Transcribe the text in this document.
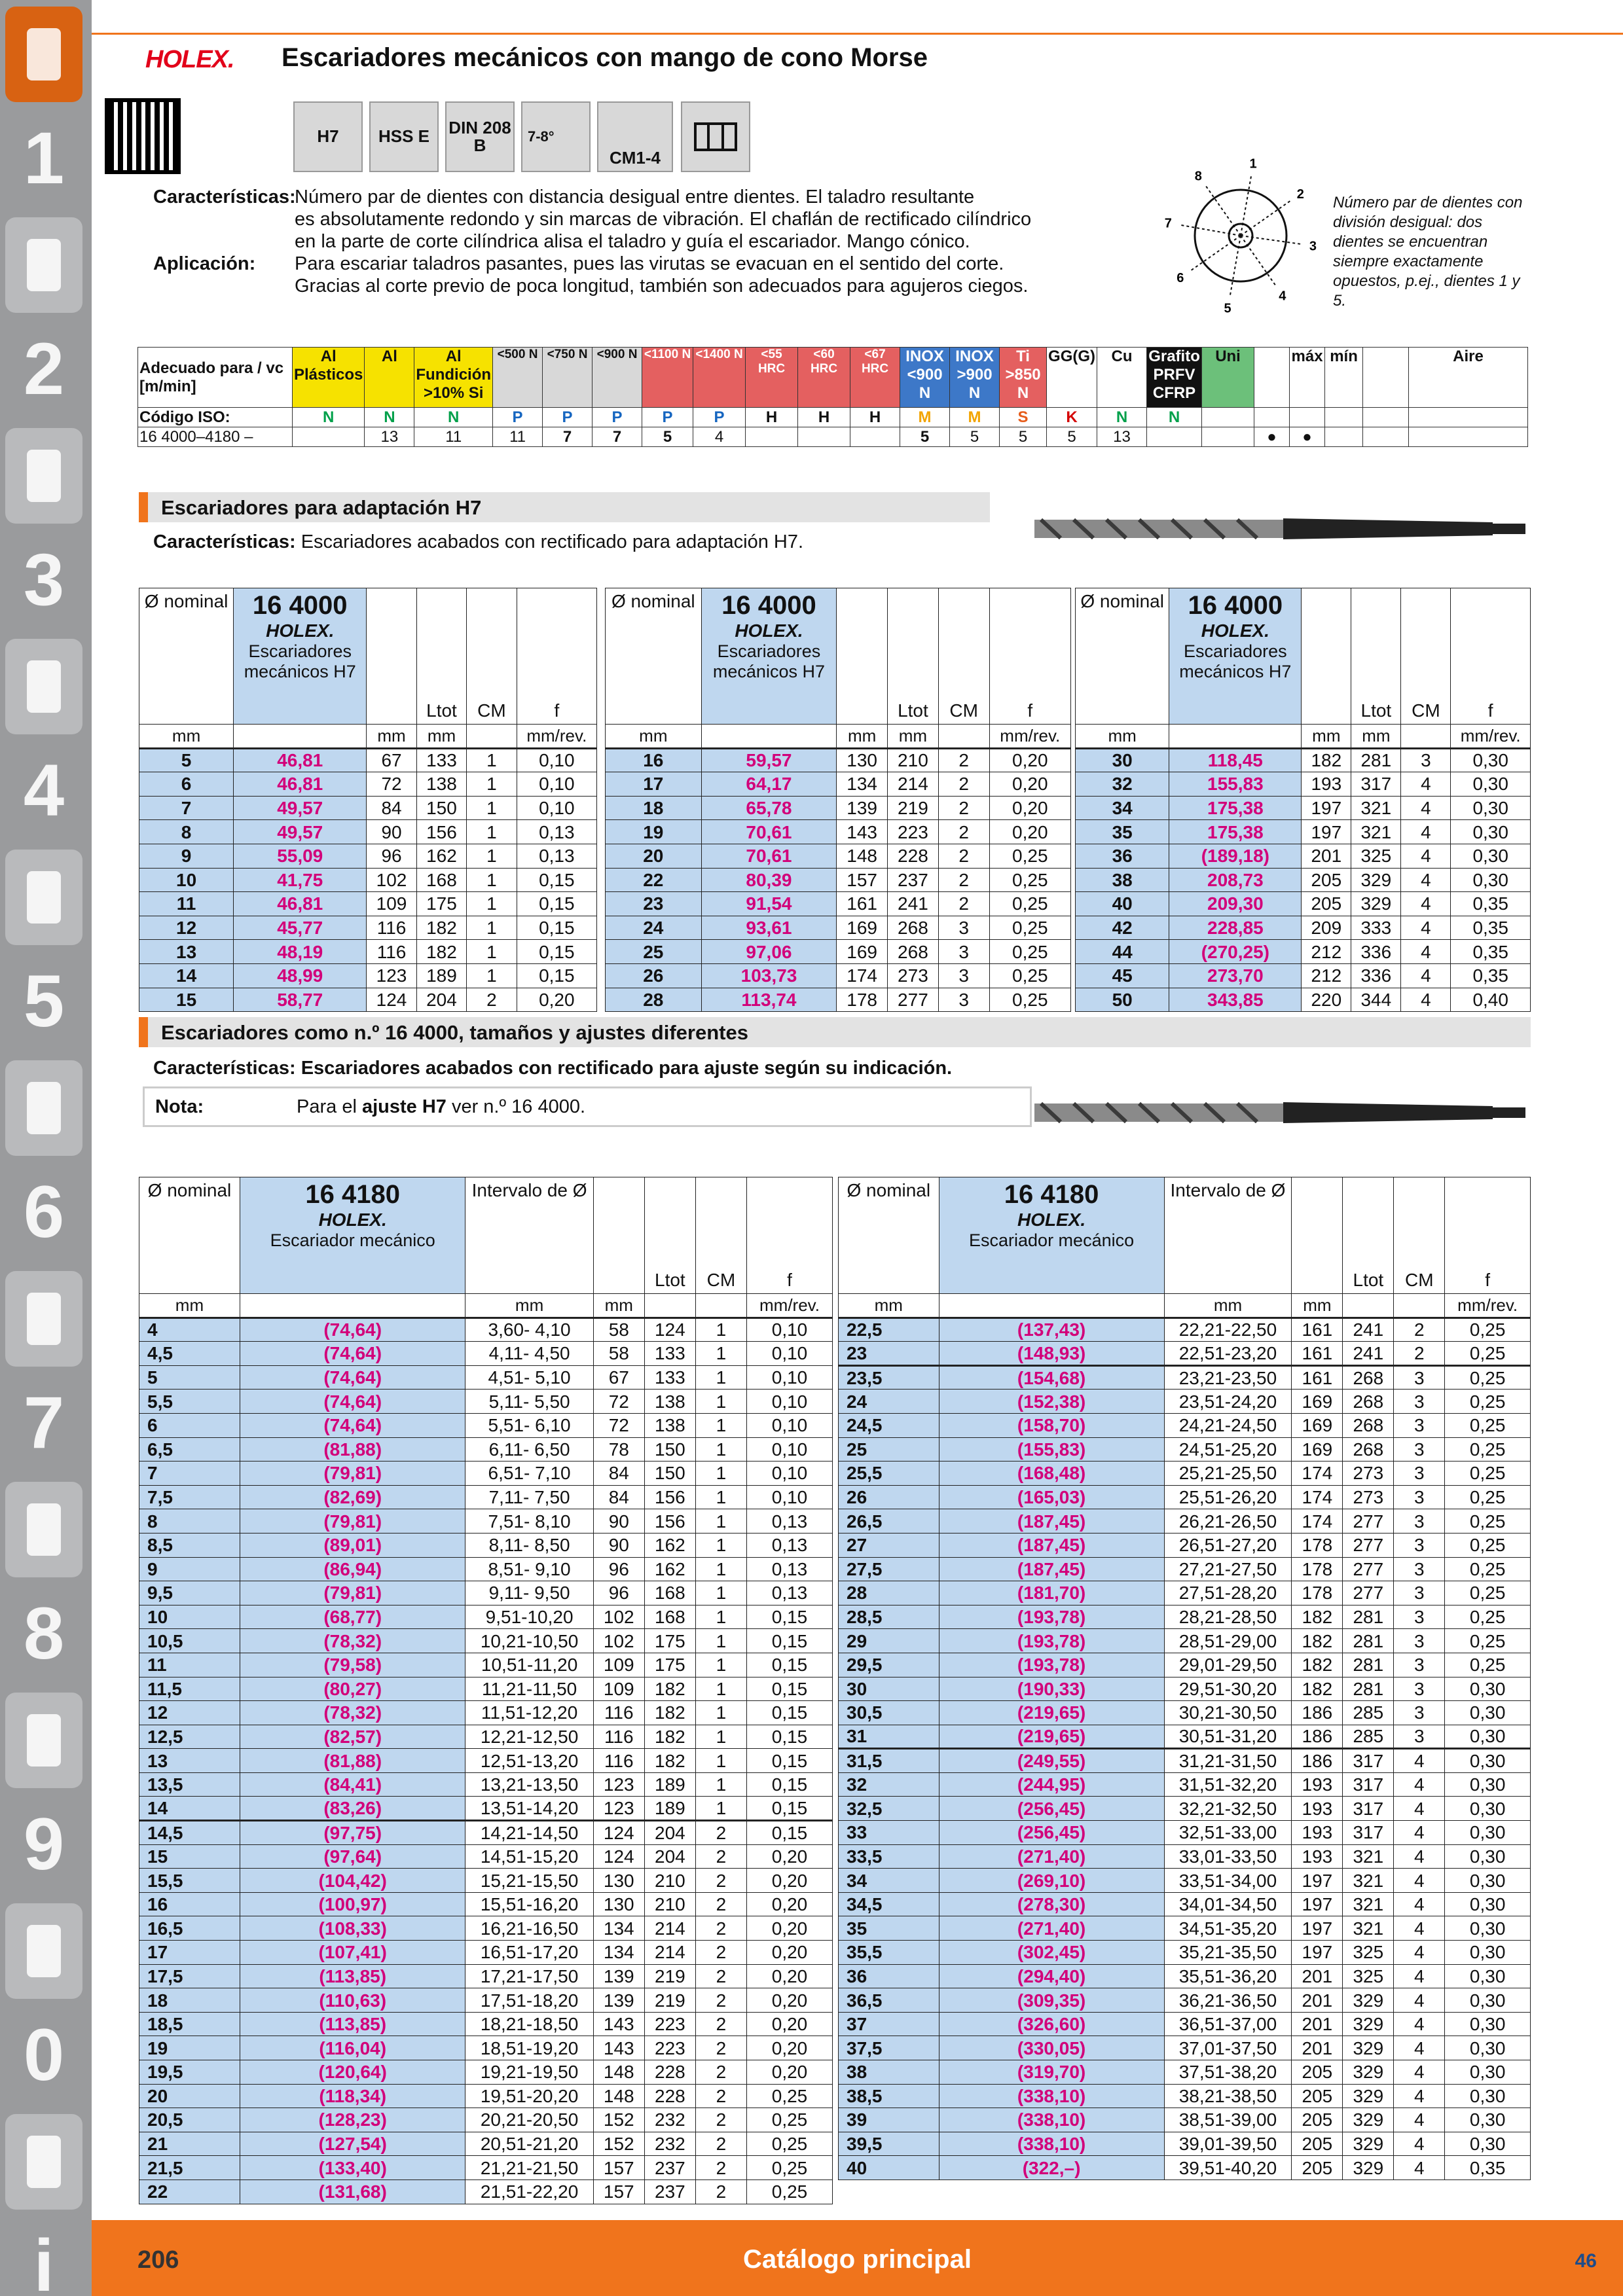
1
2
3
4
5
6
7
8
9
0
i
HOLEX. Escariadores mecánicos con mango de cono Morse
H7	HSS E	DIN 208 B	7-8°
CM1-4
Características:
Número par de dientes con distancia desigual entre dientes. El taladro resultante
es absolutamente redondo y sin marcas de vibración. El chaflán de rectificado cilíndrico
en la parte de corte cilíndrica alisa el taladro y guía el escariador. Mango cónico.
Aplicación: Para escariar taladros pasantes, pues las virutas se evacuan en el sentido del corte.
Gracias al corte previo de poca longitud, también son adecuados para agujeros ciegos.
1
2
3
4
5
6
7
8
Número par de dientes con división desigual: dos dientes se encuentran siempre exactamente opuestos, p.ej., dientes 1 y 5.
Adecuado para / vc [m/min]	Al Plásticos	Al	Al Fundición >10% Si	<500 N	<750 N	<900 N	<1100 N	<1400 N	<55 HRC	<60 HRC	<67 HRC	INOX <900 N	INOX >900 N	Ti >850 N	GG(G)	Cu	Grafito PRFV CFRP	Uni		máx	mín		Aire
Código ISO:	N	N	N	P	P	P	P	P	H	H	H	M	M	S	K	N	N						
16 4000–4180 –		13	11	11	7	7	5	4				5	5	5	5	13			●	●			
Escariadores para adaptación H7
Características: Escariadores acabados con rectificado para adaptación H7.
Ø nominal	16 4000
HOLEX.
Escariadores mecánicos H7		Ltot	CM	f
mm		mm	mm		mm/rev.
5	46,81	67	133	1	0,10
6	46,81	72	138	1	0,10
7	49,57	84	150	1	0,10
8	49,57	90	156	1	0,13
9	55,09	96	162	1	0,13
10	41,75	102	168	1	0,15
11	46,81	109	175	1	0,15
12	45,77	116	182	1	0,15
13	48,19	116	182	1	0,15
14	48,99	123	189	1	0,15
15	58,77	124	204	2	0,20
Ø nominal	16 4000
HOLEX.
Escariadores mecánicos H7		Ltot	CM	f
mm		mm	mm		mm/rev.
16	59,57	130	210	2	0,20
17	64,17	134	214	2	0,20
18	65,78	139	219	2	0,20
19	70,61	143	223	2	0,20
20	70,61	148	228	2	0,25
22	80,39	157	237	2	0,25
23	91,54	161	241	2	0,25
24	93,61	169	268	3	0,25
25	97,06	169	268	3	0,25
26	103,73	174	273	3	0,25
28	113,74	178	277	3	0,25
Ø nominal	16 4000
HOLEX.
Escariadores mecánicos H7		Ltot	CM	f
mm		mm	mm		mm/rev.
30	118,45	182	281	3	0,30
32	155,83	193	317	4	0,30
34	175,38	197	321	4	0,30
35	175,38	197	321	4	0,30
36	(189,18)	201	325	4	0,30
38	208,73	205	329	4	0,30
40	209,30	205	329	4	0,35
42	228,85	209	333	4	0,35
44	(270,25)	212	336	4	0,35
45	273,70	212	336	4	0,35
50	343,85	220	344	4	0,40
Escariadores como n.º 16 4000, tamaños y ajustes diferentes
Características: Escariadores acabados con rectificado para ajuste según su indicación.
Nota:	Para el ajuste H7 ver n.º 16 4000.
Ø nominal	16 4180
HOLEX.
Escariador mecánico	Intervalo de Ø		Ltot	CM	f
mm		mm	mm			mm/rev.
4	(74,64)	3,60- 4,10	58	124	1	0,10
4,5	(74,64)	4,11- 4,50	58	133	1	0,10
5	(74,64)	4,51- 5,10	67	133	1	0,10
5,5	(74,64)	5,11- 5,50	72	138	1	0,10
6	(74,64)	5,51- 6,10	72	138	1	0,10
6,5	(81,88)	6,11- 6,50	78	150	1	0,10
7	(79,81)	6,51- 7,10	84	150	1	0,10
7,5	(82,69)	7,11- 7,50	84	156	1	0,10
8	(79,81)	7,51- 8,10	90	156	1	0,13
8,5	(89,01)	8,11- 8,50	90	162	1	0,13
9	(86,94)	8,51- 9,10	96	162	1	0,13
9,5	(79,81)	9,11- 9,50	96	168	1	0,13
10	(68,77)	9,51-10,20	102	168	1	0,15
10,5	(78,32)	10,21-10,50	102	175	1	0,15
11	(79,58)	10,51-11,20	109	175	1	0,15
11,5	(80,27)	11,21-11,50	109	182	1	0,15
12	(78,32)	11,51-12,20	116	182	1	0,15
12,5	(82,57)	12,21-12,50	116	182	1	0,15
13	(81,88)	12,51-13,20	116	182	1	0,15
13,5	(84,41)	13,21-13,50	123	189	1	0,15
14	(83,26)	13,51-14,20	123	189	1	0,15
14,5	(97,75)	14,21-14,50	124	204	2	0,15
15	(97,64)	14,51-15,20	124	204	2	0,20
15,5	(104,42)	15,21-15,50	130	210	2	0,20
16	(100,97)	15,51-16,20	130	210	2	0,20
16,5	(108,33)	16,21-16,50	134	214	2	0,20
17	(107,41)	16,51-17,20	134	214	2	0,20
17,5	(113,85)	17,21-17,50	139	219	2	0,20
18	(110,63)	17,51-18,20	139	219	2	0,20
18,5	(113,85)	18,21-18,50	143	223	2	0,20
19	(116,04)	18,51-19,20	143	223	2	0,20
19,5	(120,64)	19,21-19,50	148	228	2	0,20
20	(118,34)	19,51-20,20	148	228	2	0,25
20,5	(128,23)	20,21-20,50	152	232	2	0,25
21	(127,54)	20,51-21,20	152	232	2	0,25
21,5	(133,40)	21,21-21,50	157	237	2	0,25
22	(131,68)	21,51-22,20	157	237	2	0,25
Ø nominal	16 4180
HOLEX.
Escariador mecánico	Intervalo de Ø		Ltot	CM	f
mm		mm	mm			mm/rev.
22,5	(137,43)	22,21-22,50	161	241	2	0,25
23	(148,93)	22,51-23,20	161	241	2	0,25
23,5	(154,68)	23,21-23,50	161	268	3	0,25
24	(152,38)	23,51-24,20	169	268	3	0,25
24,5	(158,70)	24,21-24,50	169	268	3	0,25
25	(155,83)	24,51-25,20	169	268	3	0,25
25,5	(168,48)	25,21-25,50	174	273	3	0,25
26	(165,03)	25,51-26,20	174	273	3	0,25
26,5	(187,45)	26,21-26,50	174	277	3	0,25
27	(187,45)	26,51-27,20	178	277	3	0,25
27,5	(187,45)	27,21-27,50	178	277	3	0,25
28	(181,70)	27,51-28,20	178	277	3	0,25
28,5	(193,78)	28,21-28,50	182	281	3	0,25
29	(193,78)	28,51-29,00	182	281	3	0,25
29,5	(193,78)	29,01-29,50	182	281	3	0,25
30	(190,33)	29,51-30,20	182	281	3	0,30
30,5	(219,65)	30,21-30,50	186	285	3	0,30
31	(219,65)	30,51-31,20	186	285	3	0,30
31,5	(249,55)	31,21-31,50	186	317	4	0,30
32	(244,95)	31,51-32,20	193	317	4	0,30
32,5	(256,45)	32,21-32,50	193	317	4	0,30
33	(256,45)	32,51-33,00	193	317	4	0,30
33,5	(271,40)	33,01-33,50	193	321	4	0,30
34	(269,10)	33,51-34,00	197	321	4	0,30
34,5	(278,30)	34,01-34,50	197	321	4	0,30
35	(271,40)	34,51-35,20	197	321	4	0,30
35,5	(302,45)	35,21-35,50	197	325	4	0,30
36	(294,40)	35,51-36,20	201	325	4	0,30
36,5	(309,35)	36,21-36,50	201	329	4	0,30
37	(326,60)	36,51-37,00	201	329	4	0,30
37,5	(330,05)	37,01-37,50	201	329	4	0,30
38	(319,70)	37,51-38,20	205	329	4	0,30
38,5	(338,10)	38,21-38,50	205	329	4	0,30
39	(338,10)	38,51-39,00	205	329	4	0,30
39,5	(338,10)	39,01-39,50	205	329	4	0,30
40	(322,–)	39,51-40,20	205	329	4	0,35
206	Catálogo principal	46
